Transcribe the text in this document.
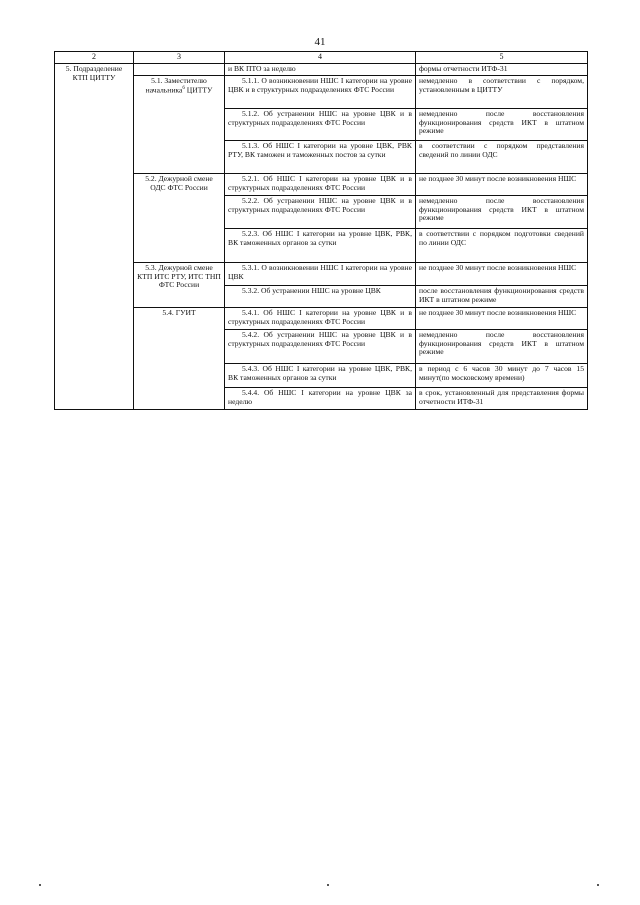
41
2	3	4	5
5. Подразделение КТП ЦИТТУ		и ВК ПТО за неделю	формы отчетности ИТФ-31
	5.1. Заместителю начальника$^6$ ЦИТТУ	5.1.1. О возникновении НШС I категории на уровне ЦВК и в структурных подразделениях ФТС России	немедленно в соответствии с порядком, установленным в ЦИТТУ
		5.1.2. Об устранении НШС на уровне ЦВК и в структурных подразделениях ФТС России	немедленно после восстановления функционирования средств ИКТ в штатном режиме
		5.1.3. Об НШС I категории на уровне ЦВК, РВК РТУ, ВК таможен и таможенных постов за сутки	в соответствии с порядком представления сведений по линии ОДС
	5.2. Дежурной смене ОДС ФТС России	5.2.1. Об НШС I категории на уровне ЦВК и в структурных подразделениях ФТС России	не позднее 30 минут после возникновения НШС
		5.2.2. Об устранении НШС на уровне ЦВК и в структурных подразделениях ФТС России	немедленно после восстановления функционирования средств ИКТ в штатном режиме
		5.2.3. Об НШС I категории на уровне ЦВК, РВК, ВК таможенных органов за сутки	в соответствии с порядком подготовки сведений по линии ОДС
	5.3. Дежурной смене КТП ИТС РТУ, ИТС ТНП ФТС России	5.3.1. О возникновении НШС I категории на уровне ЦВК	не позднее 30 минут после возникновения НШС
		5.3.2. Об устранении НШС на уровне ЦВК	после восстановления функционирования средств ИКТ в штатном режиме
	5.4. ГУИТ	5.4.1. Об НШС I категории на уровне ЦВК и в структурных подразделениях ФТС России	не позднее 30 минут после возникновения НШС
		5.4.2. Об устранении НШС на уровне ЦВК и в структурных подразделениях ФТС России	немедленно после восстановления функционирования средств ИКТ в штатном режиме
		5.4.3. Об НШС I категории на уровне ЦВК, РВК, ВК таможенных органов за сутки	в период с 6 часов 30 минут до 7 часов 15 минут(по московскому времени)
		5.4.4. Об НШС I категории на уровне ЦВК за неделю	в срок, установленный для представления формы отчетности ИТФ-31
